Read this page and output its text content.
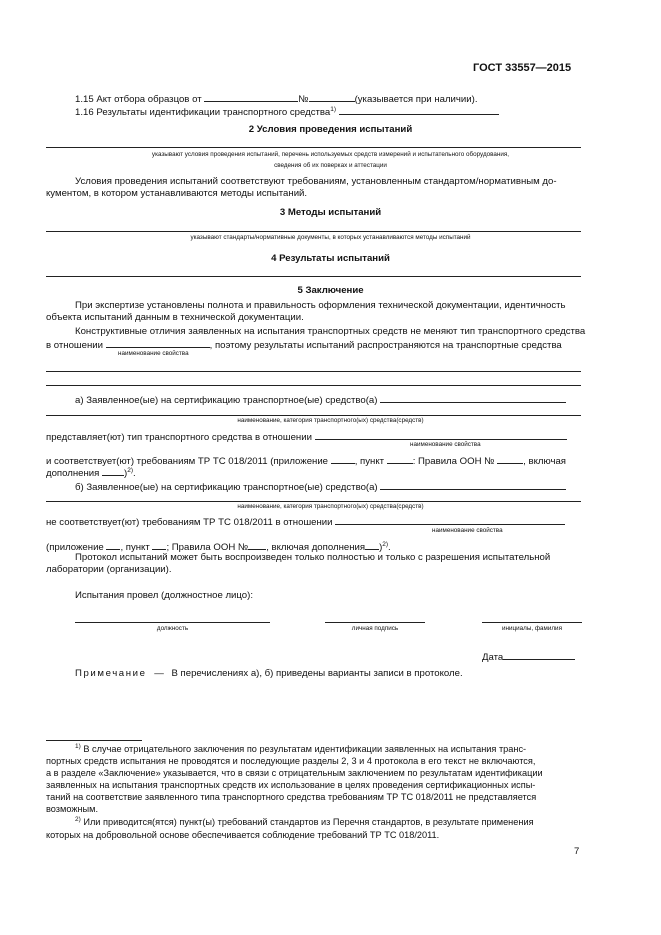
ГОСТ 33557—2015
1.15 Акт отбора образцов от	№	(указывается при наличии).
1.16 Результаты идентификации транспортного средства$^{1)}$
2 Условия проведения испытаний
указывают условия проведения испытаний, перечень используемых средств измерений и испытательного оборудования,
сведения об их поверках и аттестации
Условия проведения испытаний соответствуют требованиям, установленным стандартом/нормативным до-
кументом, в котором устанавливаются методы испытаний.
3 Методы испытаний
указывают стандарты/нормативные документы, в которых устанавливаются методы испытаний
4 Результаты испытаний
5 Заключение
При экспертизе установлены полнота и правильность оформления технической документации, идентичность
объекта испытаний данным в технической документации.
Конструктивные отличия заявленных на испытания транспортных средств не меняют тип транспортного средства
в отношении	, поэтому результаты испытаний распространяются на транспортные средства
наименование свойства
а) Заявленное(ые) на сертификацию транспортное(ые) средство(а)
наименование, категория транспортного(ых) средства(средств)
представляет(ют) тип транспортного средства в отношении
наименование свойства
и соответствует(ют) требованиям ТР ТС 018/2011 (приложение	, пункт	: Правила ООН №	, включая
дополнения	)$^{2)}$.
б) Заявленное(ые) на сертификацию транспортное(ые) средство(а)
наименование, категория транспортного(ых) средства(средств)
не соответствует(ют) требованиям ТР ТС 018/2011 в отношении
наименование свойства
(приложение , пункт ; Правила ООН № , включая дополнения )$^{2)}$.
Протокол испытаний может быть воспроизведен только полностью и только с разрешения испытательной
лаборатории (организации).
Испытания провел (должностное лицо):
должность	личная подпись	инициалы, фамилия
Дата
Примечание — В перечислениях а), б) приведены варианты записи в протоколе.
$^{1)}$ В случае отрицательного заключения по результатам идентификации заявленных на испытания транс-
портных средств испытания не проводятся и последующие разделы 2, 3 и 4 протокола в его текст не включаются,
а в разделе «Заключение» указывается, что в связи с отрицательным заключением по результатам идентификации
заявленных на испытания транспортных средств их использование в целях проведения сертификационных испы-
таний на соответствие заявленного типа транспортного средства требованиям ТР ТС 018/2011 не представляется
возможным.
$^{2)}$ Или приводится(ятся) пункт(ы) требований стандартов из Перечня стандартов, в результате применения
которых на добровольной основе обеспечивается соблюдение требований ТР ТС 018/2011.
7
